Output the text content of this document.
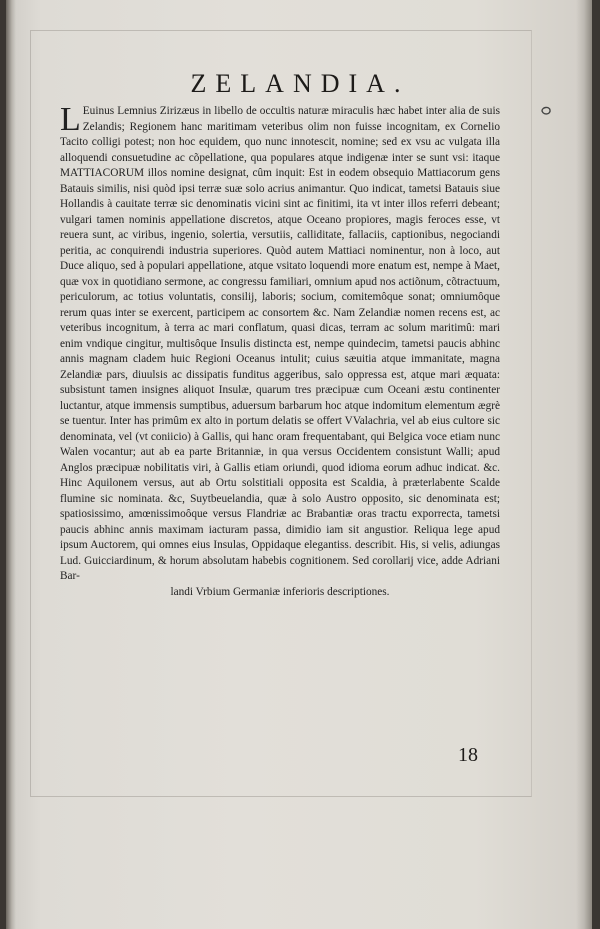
ZELANDIA.
L Euinus Lemnius Zirizæus in libello de occultis naturæ miraculis hæc habet inter alia de suis Zelandis; Regionem hanc maritimam veteribus olim non fuisse incognitam, ex Cornelio Tacito colligi potest; non hoc equidem, quo nunc innotescit, nomine; sed ex vsu ac vulgata illa alloquendi consuetudine ac cõpellatione, qua populares atque indigenæ inter se sunt vsi: itaque MATTIACORUM illos nomine designat, cûm inquit: Est in eodem obsequio Mattiacorum gens Batauis similis, nisi quòd ipsi terræ suæ solo acrius animantur. Quo indicat, tametsi Batauis siue Hollandis à cauitate terræ sic denominatis vicini sint ac finitimi, ita vt inter illos referri debeant; vulgari tamen nominis appellatione discretos, atque Oceano propiores, magis feroces esse, vt reuera sunt, ac viribus, ingenio, solertia, versutiis, calliditate, fallaciis, captionibus, negociandi peritia, ac conquirendi industria superiores. Quòd autem Mattiaci nominentur, non à loco, aut Duce aliquo, sed à populari appellatione, atque vsitato loquendi more enatum est, nempe à Maet, quæ vox in quotidiano sermone, ac congressu familiari, omnium apud nos actiõnum, cõtractuum, periculorum, ac totius voluntatis, consilij, laboris; socium, comitemôque sonat; omniumôque rerum quas inter se exercent, participem ac consortem &c. Nam Zelandiæ nomen recens est, ac veteribus incognitum, à terra ac mari conflatum, quasi dicas, terram ac solum maritimû: mari enim vndique cingitur, multisôque Insulis distincta est, nempe quindecim, tametsi paucis abhinc annis magnam cladem huic Regioni Oceanus intulit; cuius sæuitia atque immanitate, magna Zelandiæ pars, diuulsis ac dissipatis funditus aggeribus, salo oppressa est, atque mari æquata: subsistunt tamen insignes aliquot Insulæ, quarum tres præcipuæ cum Oceani æstu continenter luctantur, atque immensis sumptibus, aduersum barbarum hoc atque indomitum elementum ægrè se tuentur. Inter has primûm ex alto in portum delatis se offert VValachria, vel ab eius cultore sic denominata, vel (vt coniicio) à Gallis, qui hanc oram frequentabant, qui Belgica voce etiam nunc Walen vocantur; aut ab ea parte Britanniæ, in qua versus Occidentem consistunt Walli; apud Anglos præcipuæ nobilitatis viri, à Gallis etiam oriundi, quod idioma eorum adhuc indicat. &c. Hinc Aquilonem versus, aut ab Ortu solstitiali opposita est Scaldia, à præterlabente Scalde flumine sic nominata. &c, Suytbeuelandia, quæ à solo Austro opposito, sic denominata est; spatiosissimo, amœnissimoôque versus Flandriæ ac Brabantiæ oras tractu exporrecta, tametsi paucis abhinc annis maximam iacturam passa, dimidio iam sit angustior. Reliqua lege apud ipsum Auctorem, qui omnes eius Insulas, Oppidaque elegantiss. describit. His, si velis, adiungas Lud. Guicciardinum, & horum absolutam habebis cognitionem. Sed corollarij vice, adde Adriani Bar-

landi Vrbium Germaniæ inferioris descriptiones.
18
